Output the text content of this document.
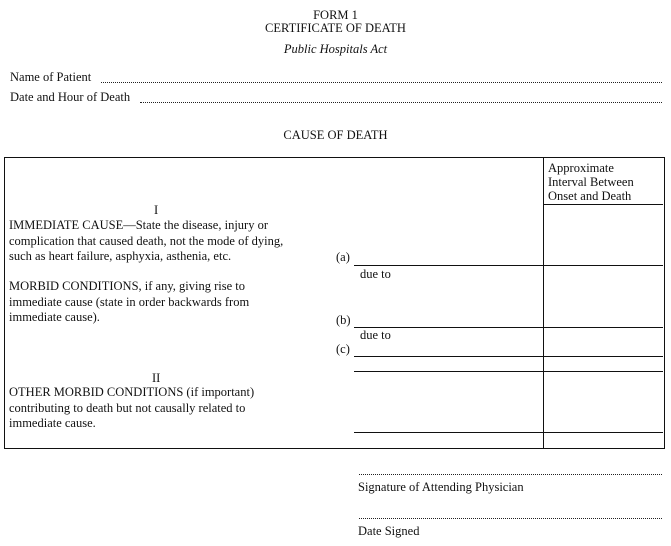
FORM 1
CERTIFICATE OF DEATH
Public Hospitals Act
Name of Patient
Date and Hour of Death
CAUSE OF DEATH
Approximate
Interval Between
Onset and Death
I
IMMEDIATE CAUSE—State the disease, injury or
complication that caused death, not the mode of dying,
such as heart failure, asphyxia, asthenia, etc.
MORBID CONDITIONS, if any, giving rise to
immediate cause (state in order backwards from
immediate cause).
II
OTHER MORBID CONDITIONS (if important)
contributing to death but not causally related to
immediate cause.
(a)
due to
(b)
due to
(c)
Signature of Attending Physician
Date Signed
